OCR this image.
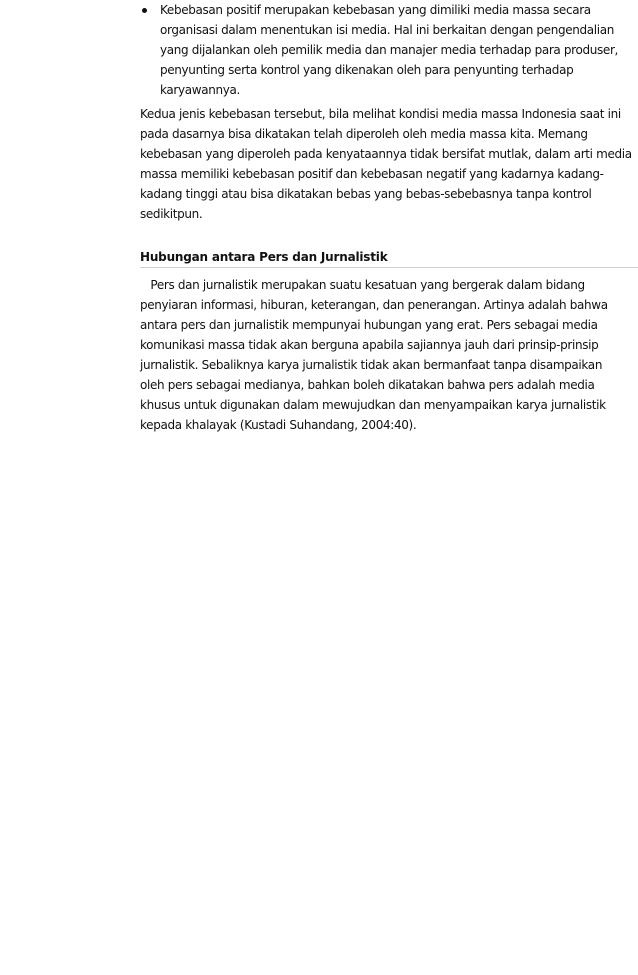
Kebebasan positif merupakan kebebasan yang dimiliki media massa secara organisasi dalam menentukan isi media. Hal ini berkaitan dengan pengendalian yang dijalankan oleh pemilik media dan manajer media terhadap para produser, penyunting serta kontrol yang dikenakan oleh para penyunting terhadap karyawannya.

Kedua jenis kebebasan tersebut, bila melihat kondisi media massa Indonesia saat ini pada dasarnya bisa dikatakan telah diperoleh oleh media massa kita. Memang kebebasan yang diperoleh pada kenyataannya tidak bersifat mutlak, dalam arti media massa memiliki kebebasan positif dan kebebasan negatif yang kadarnya kadang-kadang tinggi atau bisa dikatakan bebas yang bebas-sebebasnya tanpa kontrol sedikitpun.

Hubungan antara Pers dan Jurnalistik

Pers dan jurnalistik merupakan suatu kesatuan yang bergerak dalam bidang penyiaran informasi, hiburan, keterangan, dan penerangan. Artinya adalah bahwa antara pers dan jurnalistik mempunyai hubungan yang erat. Pers sebagai media komunikasi massa tidak akan berguna apabila sajiannya jauh dari prinsip-prinsip jurnalistik. Sebaliknya karya jurnalistik tidak akan bermanfaat tanpa disampaikan oleh pers sebagai medianya, bahkan boleh dikatakan bahwa pers adalah media khusus untuk digunakan dalam mewujudkan dan menyampaikan karya jurnalistik kepada khalayak (Kustadi Suhandang, 2004:40).
